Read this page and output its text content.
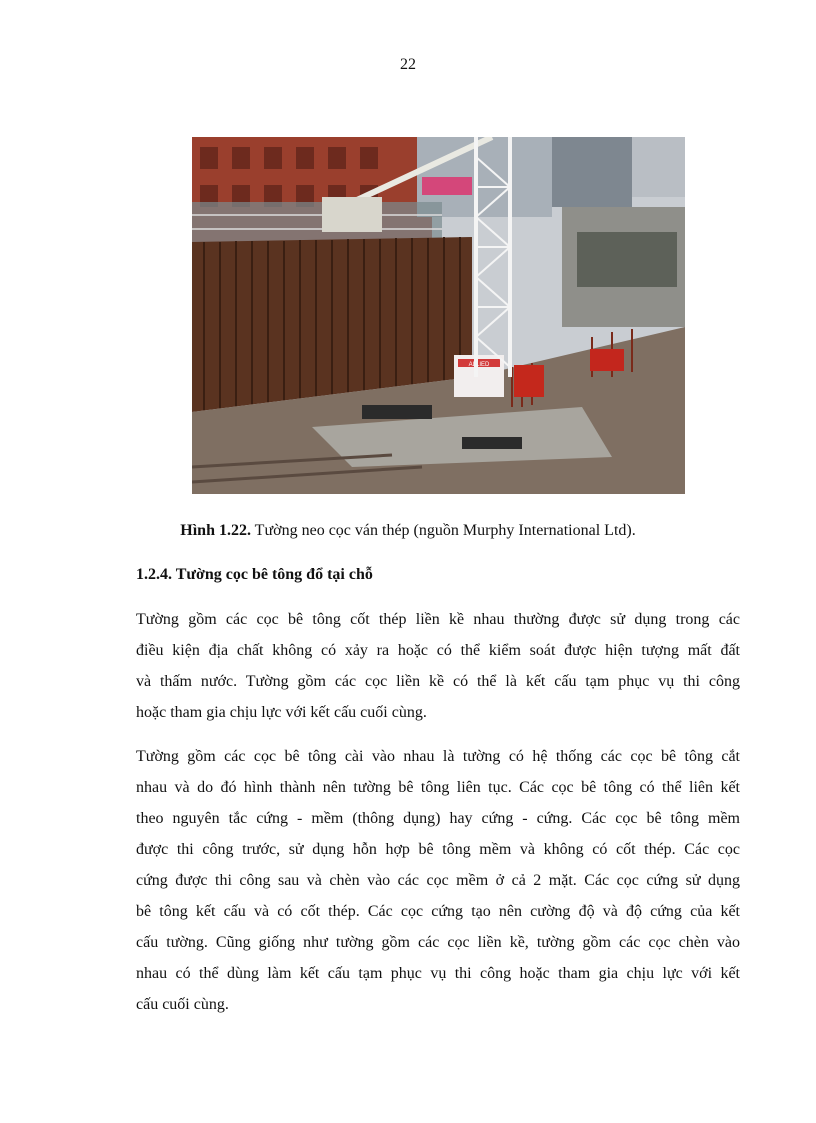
22
ALLIED
Hình 1.22. Tường neo cọc ván thép (nguồn Murphy International Ltd).
1.2.4. Tường cọc bê tông đổ tại chỗ
Tường gồm các cọc bê tông cốt thép liền kề nhau thường được sử dụng trong các
điều kiện địa chất không có xảy ra hoặc có thể kiểm soát được hiện tượng mất đất
và thấm nước. Tường gồm các cọc liền kề có thể là kết cấu tạm phục vụ thi công
hoặc tham gia chịu lực với kết cấu cuối cùng.
Tường gồm các cọc bê tông cài vào nhau là tường có hệ thống các cọc bê tông cắt
nhau và do đó hình thành nên tường bê tông liên tục. Các cọc bê tông có thể liên kết
theo nguyên tắc cứng - mềm (thông dụng) hay cứng - cứng. Các cọc bê tông mềm
được thi công trước, sử dụng hỗn hợp bê tông mềm và không có cốt thép. Các cọc
cứng được thi công sau và chèn vào các cọc mềm ở cả 2 mặt. Các cọc cứng sử dụng
bê tông kết cấu và có cốt thép. Các cọc cứng tạo nên cường độ và độ cứng của kết
cấu tường. Cũng giống như tường gồm các cọc liền kề, tường gồm các cọc chèn vào
nhau có thể dùng làm kết cấu tạm phục vụ thi công hoặc tham gia chịu lực với kết
cấu cuối cùng.
